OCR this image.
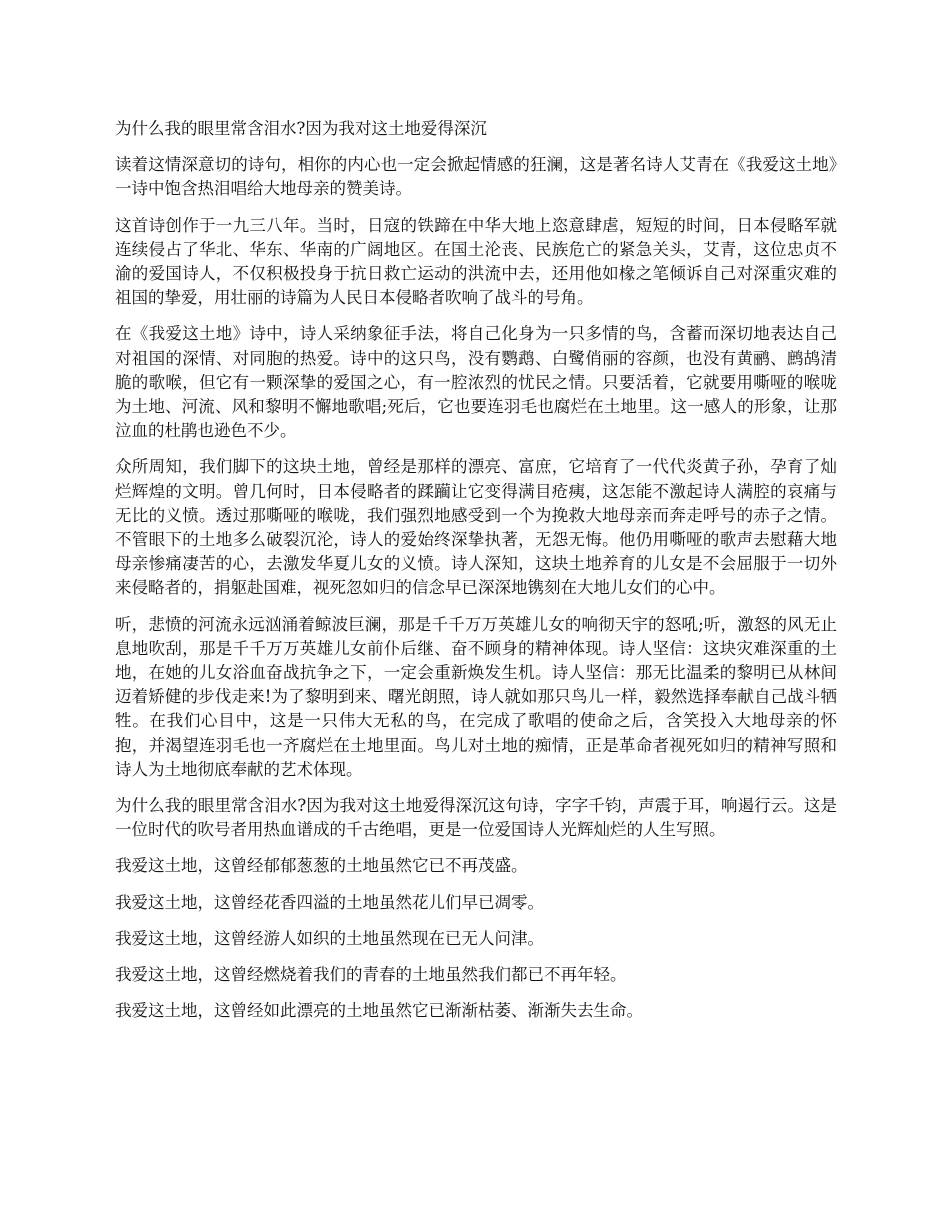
为什么我的眼里常含泪水?因为我对这土地爱得深沉

读着这情深意切的诗句，相你的内心也一定会掀起情感的狂澜，这是著名诗人艾青在《我爱这土地》一诗中饱含热泪唱给大地母亲的赞美诗。

这首诗创作于一九三八年。当时，日寇的铁蹄在中华大地上恣意肆虐，短短的时间，日本侵略军就连续侵占了华北、华东、华南的广阔地区。在国土沦丧、民族危亡的紧急关头，艾青，这位忠贞不渝的爱国诗人，不仅积极投身于抗日救亡运动的洪流中去，还用他如椽之笔倾诉自己对深重灾难的祖国的挚爱，用壮丽的诗篇为人民日本侵略者吹响了战斗的号角。

在《我爱这土地》诗中，诗人采纳象征手法，将自己化身为一只多情的鸟，含蓄而深切地表达自己对祖国的深情、对同胞的热爱。诗中的这只鸟，没有鹦鹉、白鹭俏丽的容颜，也没有黄鹂、鹧鸪清脆的歌喉，但它有一颗深挚的爱国之心，有一腔浓烈的忧民之情。只要活着，它就要用嘶哑的喉咙为土地、河流、风和黎明不懈地歌唱;死后，它也要连羽毛也腐烂在土地里。这一感人的形象，让那泣血的杜鹃也逊色不少。

众所周知，我们脚下的这块土地，曾经是那样的漂亮、富庶，它培育了一代代炎黄子孙，孕育了灿烂辉煌的文明。曾几何时，日本侵略者的蹂躏让它变得满目疮痍，这怎能不激起诗人满腔的哀痛与无比的义愤。透过那嘶哑的喉咙，我们强烈地感受到一个为挽救大地母亲而奔走呼号的赤子之情。不管眼下的土地多么破裂沉沦，诗人的爱始终深挚执著，无怨无悔。他仍用嘶哑的歌声去慰藉大地母亲惨痛凄苦的心，去激发华夏儿女的义愤。诗人深知，这块土地养育的儿女是不会屈服于一切外来侵略者的，捐躯赴国难，视死忽如归的信念早已深深地镌刻在大地儿女们的心中。

听，悲愤的河流永远汹涌着鲸波巨澜，那是千千万万英雄儿女的响彻天宇的怒吼;听，激怒的风无止息地吹刮，那是千千万万英雄儿女前仆后继、奋不顾身的精神体现。诗人坚信：这块灾难深重的土地，在她的儿女浴血奋战抗争之下，一定会重新焕发生机。诗人坚信：那无比温柔的黎明已从林间迈着矫健的步伐走来!为了黎明到来、曙光朗照，诗人就如那只鸟儿一样，毅然选择奉献自己战斗牺牲。在我们心目中，这是一只伟大无私的鸟，在完成了歌唱的使命之后，含笑投入大地母亲的怀抱，并渴望连羽毛也一齐腐烂在土地里面。鸟儿对土地的痴情，正是革命者视死如归的精神写照和诗人为土地彻底奉献的艺术体现。

为什么我的眼里常含泪水?因为我对这土地爱得深沉这句诗，字字千钧，声震于耳，响遏行云。这是一位时代的吹号者用热血谱成的千古绝唱，更是一位爱国诗人光辉灿烂的人生写照。

我爱这土地，这曾经郁郁葱葱的土地虽然它已不再茂盛。

我爱这土地，这曾经花香四溢的土地虽然花儿们早已凋零。

我爱这土地，这曾经游人如织的土地虽然现在已无人问津。

我爱这土地，这曾经燃烧着我们的青春的土地虽然我们都已不再年轻。

我爱这土地，这曾经如此漂亮的土地虽然它已渐渐枯萎、渐渐失去生命。
